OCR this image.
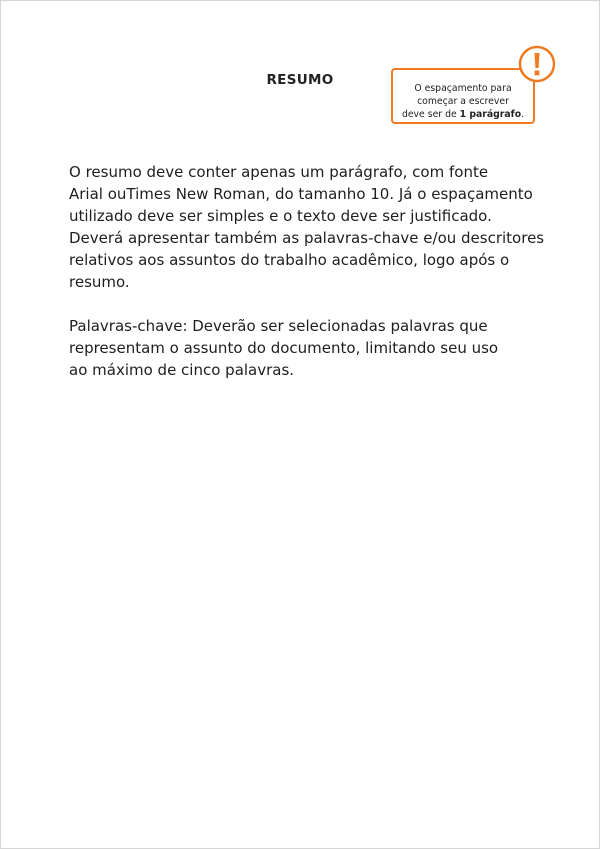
RESUMO
O espaçamento para
começar a escrever
deve ser de 1 parágrafo.

O resumo deve conter apenas um parágrafo, com fonte
Arial ouTimes New Roman, do tamanho 10. Já o espaçamento
utilizado deve ser simples e o texto deve ser justificado.
Deverá apresentar também as palavras-chave e/ou descritores
relativos aos assuntos do trabalho acadêmico, logo após o
resumo.

Palavras-chave: Deverão ser selecionadas palavras que
representam o assunto do documento, limitando seu uso
ao máximo de cinco palavras.
